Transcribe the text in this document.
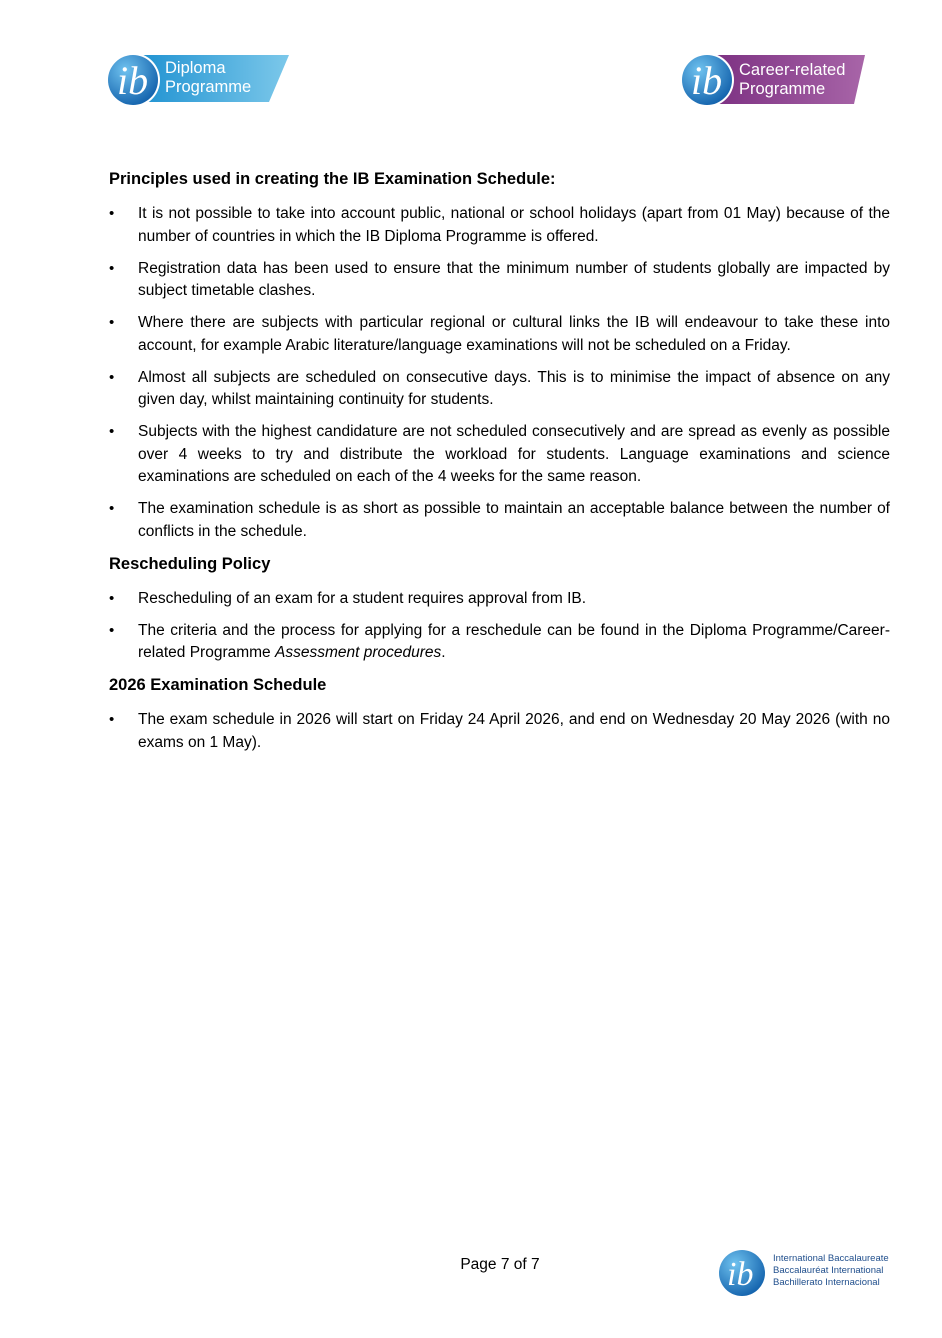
ib Diploma
Programme	ib Career-related
Programme
Principles used in creating the IB Examination Schedule:
•
It is not possible to take into account public, national or school holidays (apart from 01 May) because of the number of countries in which the IB Diploma Programme is offered.
•
Registration data has been used to ensure that the minimum number of students globally are impacted by subject timetable clashes.
•
Where there are subjects with particular regional or cultural links the IB will endeavour to take these into account, for example Arabic literature/language examinations will not be scheduled on a Friday.
•
Almost all subjects are scheduled on consecutive days. This is to minimise the impact of absence on any given day, whilst maintaining continuity for students.
•
Subjects with the highest candidature are not scheduled consecutively and are spread as evenly as possible over 4 weeks to try and distribute the workload for students. Language examinations and science examinations are scheduled on each of the 4 weeks for the same reason.
•
The examination schedule is as short as possible to maintain an acceptable balance between the number of conflicts in the schedule.
Rescheduling Policy
•
Rescheduling of an exam for a student requires approval from IB.
•
The criteria and the process for applying for a reschedule can be found in the Diploma Programme/Career-related Programme Assessment procedures.
2026 Examination Schedule
•
The exam schedule in 2026 will start on Friday 24 April 2026, and end on Wednesday 20 May 2026 (with no exams on 1 May).
Page 7 of 7	ib International Baccalaureate
Baccalauréat International
Bachillerato Internacional
